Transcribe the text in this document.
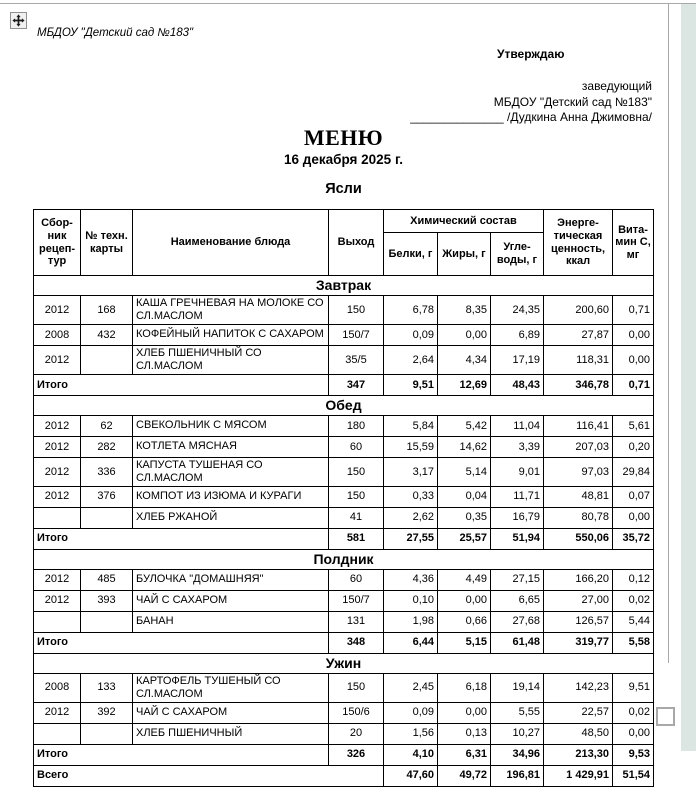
МБДОУ "Детский сад №183"
Утверждаю
заведующий
МБДОУ "Детский сад №183"
______________ /Дудкина Анна Джимовна/
МЕНЮ
16 декабря 2025 г.
Ясли
Сбор-ник рецеп-тур	№ техн. карты	Наименование блюда	Выход	Химический состав			Энерге-тическая ценность, ккал	Вита-мин С, мг
				Белки, г	Жиры, г	Угле-воды, г		
Завтрак								
2012	168	КАША ГРЕЧНЕВАЯ НА МОЛОКЕ СО СЛ.МАСЛОМ	150	6,78	8,35	24,35	200,60	0,71
2008	432	КОФЕЙНЫЙ НАПИТОК С САХАРОМ	150/7	0,09	0,00	6,89	27,87	0,00
2012		ХЛЕБ ПШЕНИЧНЫЙ СО СЛ.МАСЛОМ	35/5	2,64	4,34	17,19	118,31	0,00
Итого			347	9,51	12,69	48,43	346,78	0,71
Обед								
2012	62	СВЕКОЛЬНИК С МЯСОМ	180	5,84	5,42	11,04	116,41	5,61
2012	282	КОТЛЕТА МЯСНАЯ	60	15,59	14,62	3,39	207,03	0,20
2012	336	КАПУСТА ТУШЕНАЯ СО СЛ.МАСЛОМ	150	3,17	5,14	9,01	97,03	29,84
2012	376	КОМПОТ ИЗ ИЗЮМА И КУРАГИ	150	0,33	0,04	11,71	48,81	0,07
		ХЛЕБ РЖАНОЙ	41	2,62	0,35	16,79	80,78	0,00
Итого			581	27,55	25,57	51,94	550,06	35,72
Полдник								
2012	485	БУЛОЧКА "ДОМАШНЯЯ"	60	4,36	4,49	27,15	166,20	0,12
2012	393	ЧАЙ С САХАРОМ	150/7	0,10	0,00	6,65	27,00	0,02
		БАНАН	131	1,98	0,66	27,68	126,57	5,44
Итого			348	6,44	5,15	61,48	319,77	5,58
Ужин								
2008	133	КАРТОФЕЛЬ ТУШЕНЫЙ СО СЛ.МАСЛОМ	150	2,45	6,18	19,14	142,23	9,51
2012	392	ЧАЙ С САХАРОМ	150/6	0,09	0,00	5,55	22,57	0,02
		ХЛЕБ ПШЕНИЧНЫЙ	20	1,56	0,13	10,27	48,50	0,00
Итого			326	4,10	6,31	34,96	213,30	9,53
Всего				47,60	49,72	196,81	1 429,91	51,54
